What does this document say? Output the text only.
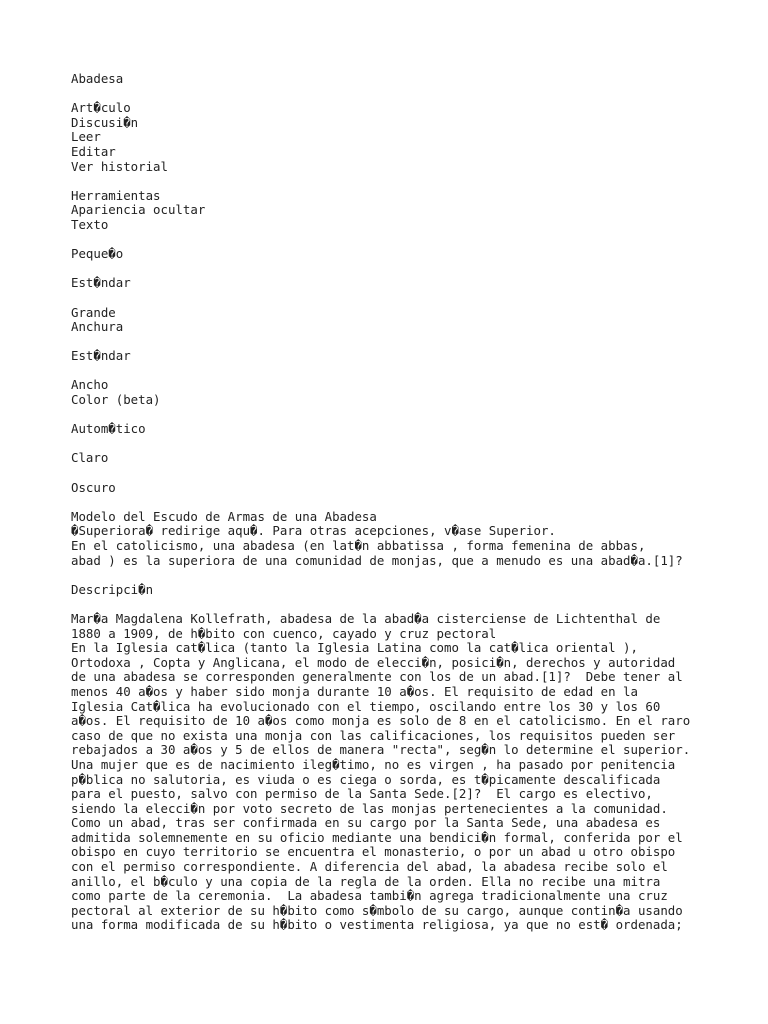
Abadesa
Art�culo
Discusi�n
Leer
Editar
Ver historial
Herramientas
Apariencia ocultar
Texto
Peque�o
Est�ndar
Grande
Anchura
Est�ndar
Ancho
Color (beta)
Autom�tico
Claro
Oscuro
Modelo del Escudo de Armas de una Abadesa
�Superiora� redirige aqu�. Para otras acepciones, v�ase Superior.
En el catolicismo, una abadesa (en lat�n abbatissa , forma femenina de abbas,
abad ) es la superiora de una comunidad de monjas, que a menudo es una abad�a.[1]?
Descripci�n
Mar�a Magdalena Kollefrath, abadesa de la abad�a cisterciense de Lichtenthal de
1880 a 1909, de h�bito con cuenco, cayado y cruz pectoral
En la Iglesia cat�lica (tanto la Iglesia Latina como la cat�lica oriental ),
Ortodoxa , Copta y Anglicana, el modo de elecci�n, posici�n, derechos y autoridad
de una abadesa se corresponden generalmente con los de un abad.[1]?  Debe tener al
menos 40 a�os y haber sido monja durante 10 a�os. El requisito de edad en la
Iglesia Cat�lica ha evolucionado con el tiempo, oscilando entre los 30 y los 60
a�os. El requisito de 10 a�os como monja es solo de 8 en el catolicismo. En el raro
caso de que no exista una monja con las calificaciones, los requisitos pueden ser
rebajados a 30 a�os y 5 de ellos de manera "recta", seg�n lo determine el superior.
Una mujer que es de nacimiento ileg�timo, no es virgen , ha pasado por penitencia
p�blica no salutoria, es viuda o es ciega o sorda, es t�picamente descalificada
para el puesto, salvo con permiso de la Santa Sede.[2]?  El cargo es electivo,
siendo la elecci�n por voto secreto de las monjas pertenecientes a la comunidad.
Como un abad, tras ser confirmada en su cargo por la Santa Sede, una abadesa es
admitida solemnemente en su oficio mediante una bendici�n formal, conferida por el
obispo en cuyo territorio se encuentra el monasterio, o por un abad u otro obispo
con el permiso correspondiente. A diferencia del abad, la abadesa recibe solo el
anillo, el b�culo y una copia de la regla de la orden. Ella no recibe una mitra
como parte de la ceremonia.  La abadesa tambi�n agrega tradicionalmente una cruz
pectoral al exterior de su h�bito como s�mbolo de su cargo, aunque contin�a usando
una forma modificada de su h�bito o vestimenta religiosa, ya que no est� ordenada;
